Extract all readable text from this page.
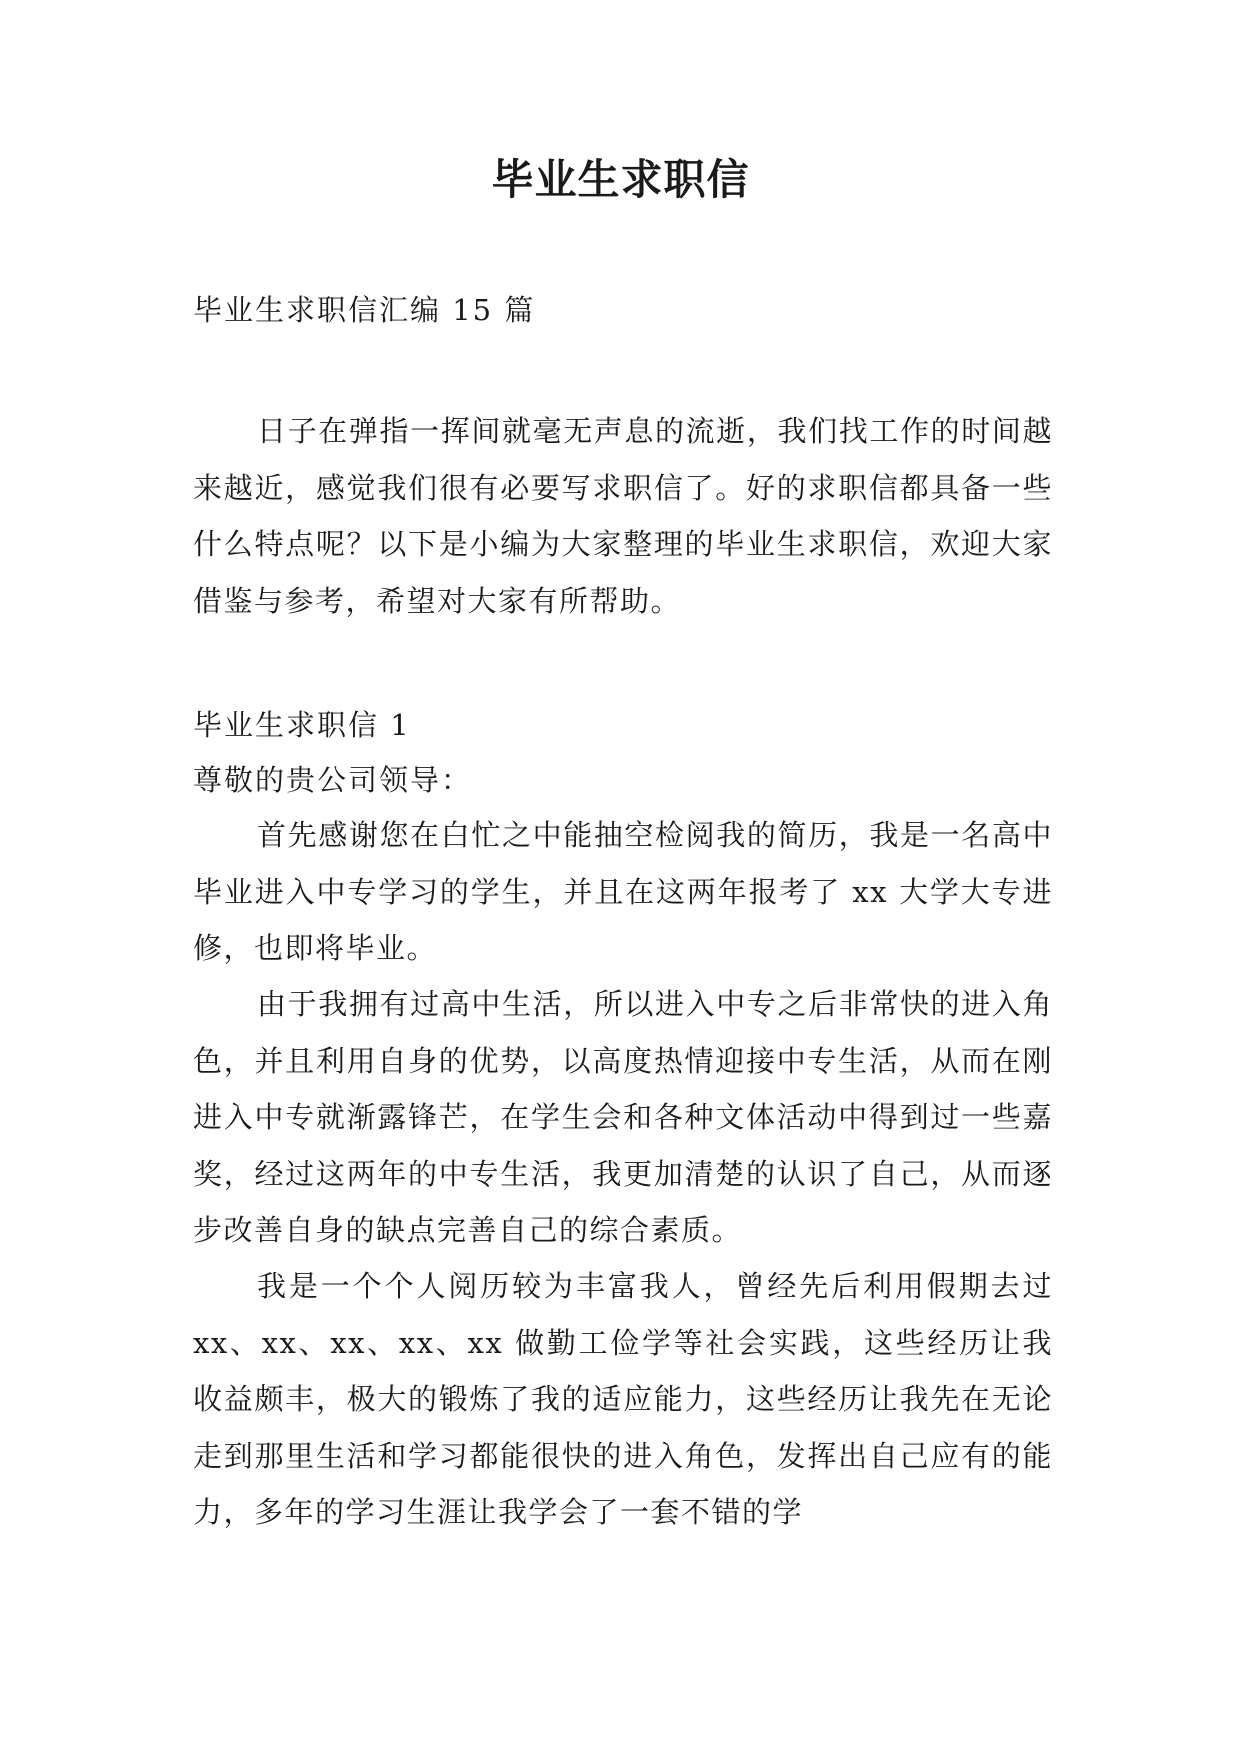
毕业生求职信
毕业生求职信汇编 15 篇

日子在弹指一挥间就毫无声息的流逝，我们找工作的时间越来越近，感觉我们很有必要写求职信了。好的求职信都具备一些什么特点呢？以下是小编为大家整理的毕业生求职信，欢迎大家借鉴与参考，希望对大家有所帮助。

毕业生求职信 1
尊敬的贵公司领导：

首先感谢您在白忙之中能抽空检阅我的简历，我是一名高中毕业进入中专学习的学生，并且在这两年报考了 xx 大学大专进修，也即将毕业。

由于我拥有过高中生活，所以进入中专之后非常快的进入角色，并且利用自身的优势，以高度热情迎接中专生活，从而在刚进入中专就渐露锋芒，在学生会和各种文体活动中得到过一些嘉奖，经过这两年的中专生活，我更加清楚的认识了自己，从而逐步改善自身的缺点完善自己的综合素质。

我是一个个人阅历较为丰富我人，曾经先后利用假期去过 xx、xx、xx、xx、xx 做勤工俭学等社会实践，这些经历让我收益颇丰，极大的锻炼了我的适应能力，这些经历让我先在无论走到那里生活和学习都能很快的进入角色，发挥出自己应有的能力，多年的学习生涯让我学会了一套不错的学
